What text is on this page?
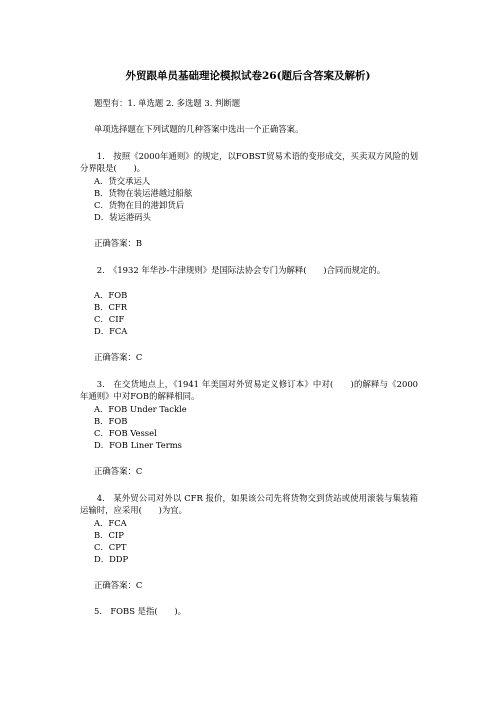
外贸跟单员基础理论模拟试卷26(题后含答案及解析)
题型有：1. 单选题 2. 多选题 3. 判断题
单项选择题在下列试题的几种答案中选出一个正确答案。
1.　按照《2000年通则》的规定，以FOBST贸易术语的变形成交，买卖双方风险的划分界限是(　　)。
A．货交承运人
B．货物在装运港越过船舷
C．货物在目的港卸货后
D．装运港码头
正确答案：B
2.　《1932 年华沙-牛津规则》是国际法协会专门为解释(　　)合同而规定的。
A．FOB
B．CFR
C．CIF
D．FCA
正确答案：C
3.　在交货地点上，《1941 年美国对外贸易定义修订本》中对(　　)的解释与《2000年通则》中对FOB的解释相同。
A．FOB Under Tackle
B．FOB
C．FOB Vessel
D．FOB Liner Terms
正确答案：C
4.　某外贸公司对外以 CFR 报价，如果该公司先将货物交到货站或使用滚装与集装箱运输时，应采用(　　)为宜。
A．FCA
B．CIP
C．CPT
D．DDP
正确答案：C
5.　FOBS 是指(　　)。
